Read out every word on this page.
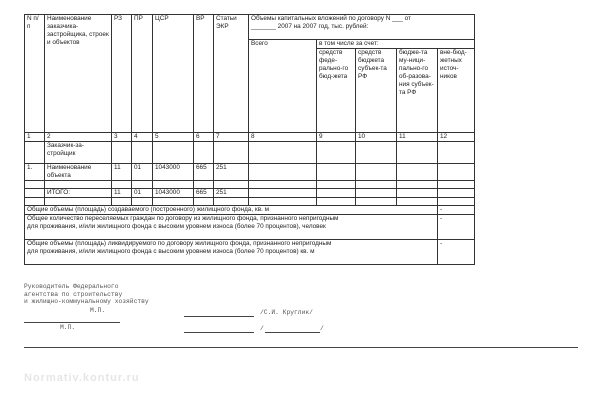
Normativ.kontur.ru
N п/п	Наименование заказчика-застройщика, строек и объектов	РЗ	ПР	ЦСР	ВР	Статьи ЭКР	Объемы капитальных вложений по договору N ___ от _______ 2007 на 2007 год, тыс. рублей:				
							Всего	в том числе за счет:			
								средств феде-рально-го бюд-жета	средств бюджета субъек-та РФ	бюдже-та му-ници-пально-го об-разова-ния субъек-та РФ	вне-бюд-жетных источ-ников
1	2	3	4	5	6	7	8	9	10	11	12
	Заказчик-за-стройщик										
1.	Наименование объекта	11	01	1043000	665	251					

	ИТОГО:	11	01	1043000	665	251					

Общие объемы (площадь) создаваемого (построенного) жилищного фонда, кв. м											-
Общее количество переселяемых граждан по договору из жилищного фонда, признанного непригодным для проживания, и/или жилищного фонда с высоким уровнем износа (более 70 процентов), человек											-
Общие объемы (площадь) ликвидируемого по договору жилищного фонда, признанного непригодным для проживания, и/или жилищного фонда с высоким уровнем износа (более 70 процентов) кв. м											-
Руководитель Федерального
агентства по строительству
и жилищно-коммунальному хозяйству
М.П.	/С.И. Круглик/
М.П.	/	/
